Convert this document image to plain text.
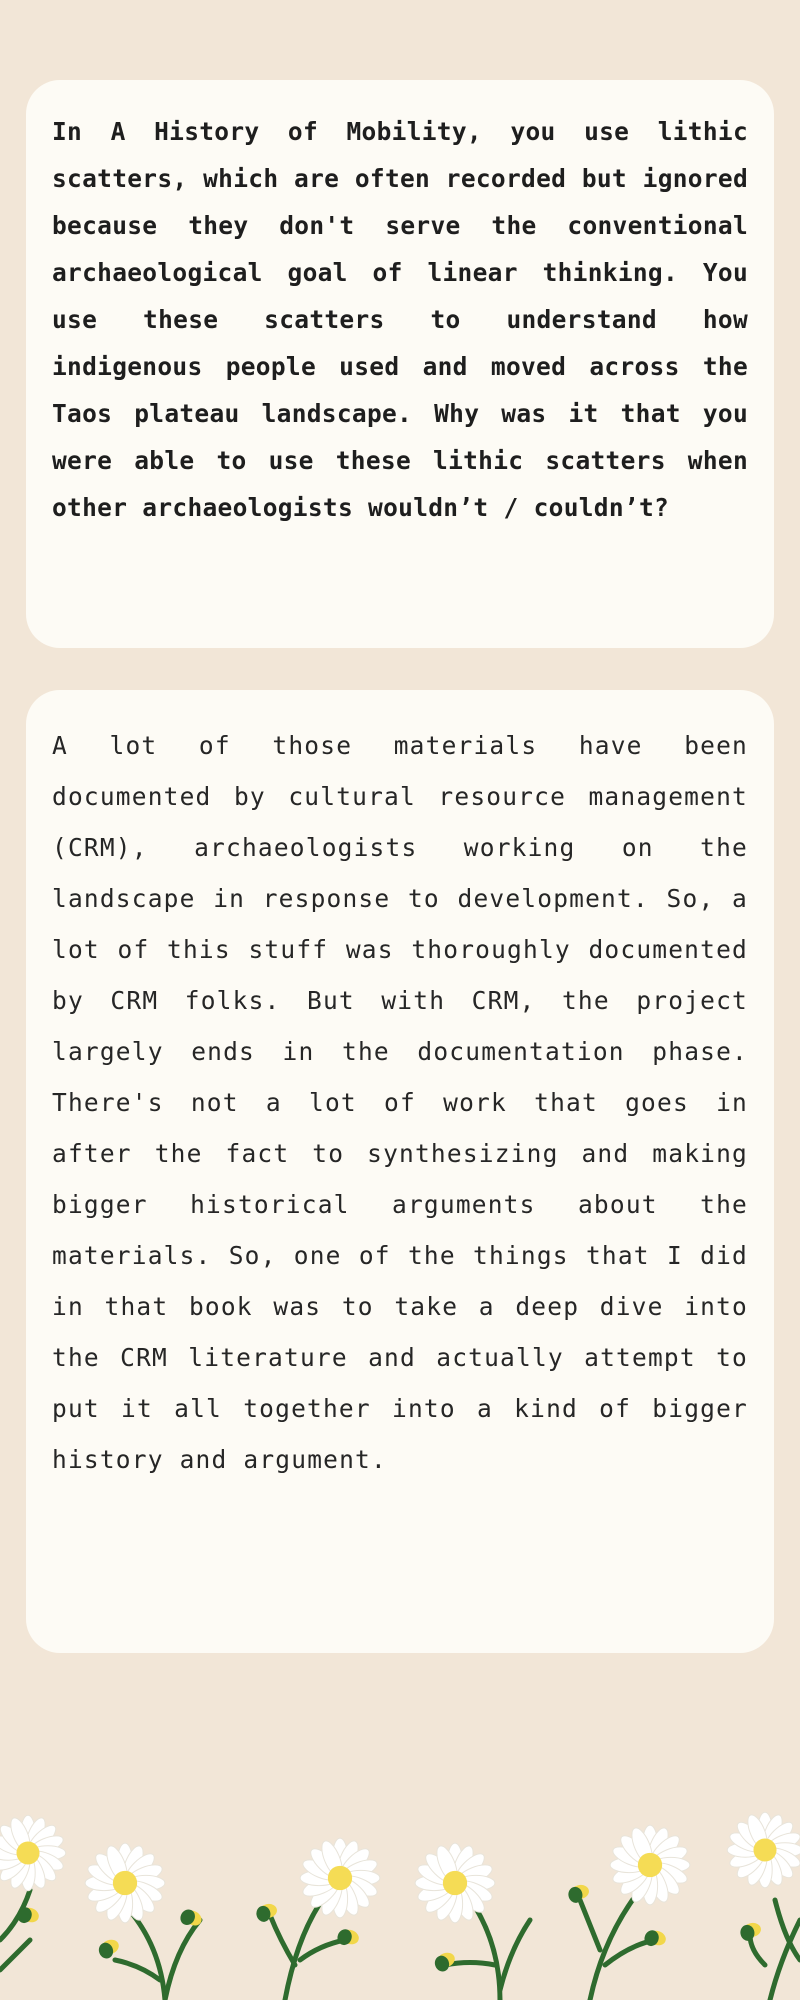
In A History of Mobility, you use lithic scatters, which are often recorded but ignored because they don't serve the conventional archaeological goal of linear thinking. You use these scatters to understand how indigenous people used and moved across the Taos plateau landscape. Why was it that you were able to use these lithic scatters when other archaeologists wouldn’t / couldn’t?

A lot of those materials have been documented by cultural resource management (CRM), archaeologists working on the landscape in response to development. So, a lot of this stuff was thoroughly documented by CRM folks. But with CRM, the project largely ends in the documentation phase. There's not a lot of work that goes in after the fact to synthesizing and making bigger historical arguments about the materials. So, one of the things that I did in that book was to take a deep dive into the CRM literature and actually attempt to put it all together into a kind of bigger history and argument.
